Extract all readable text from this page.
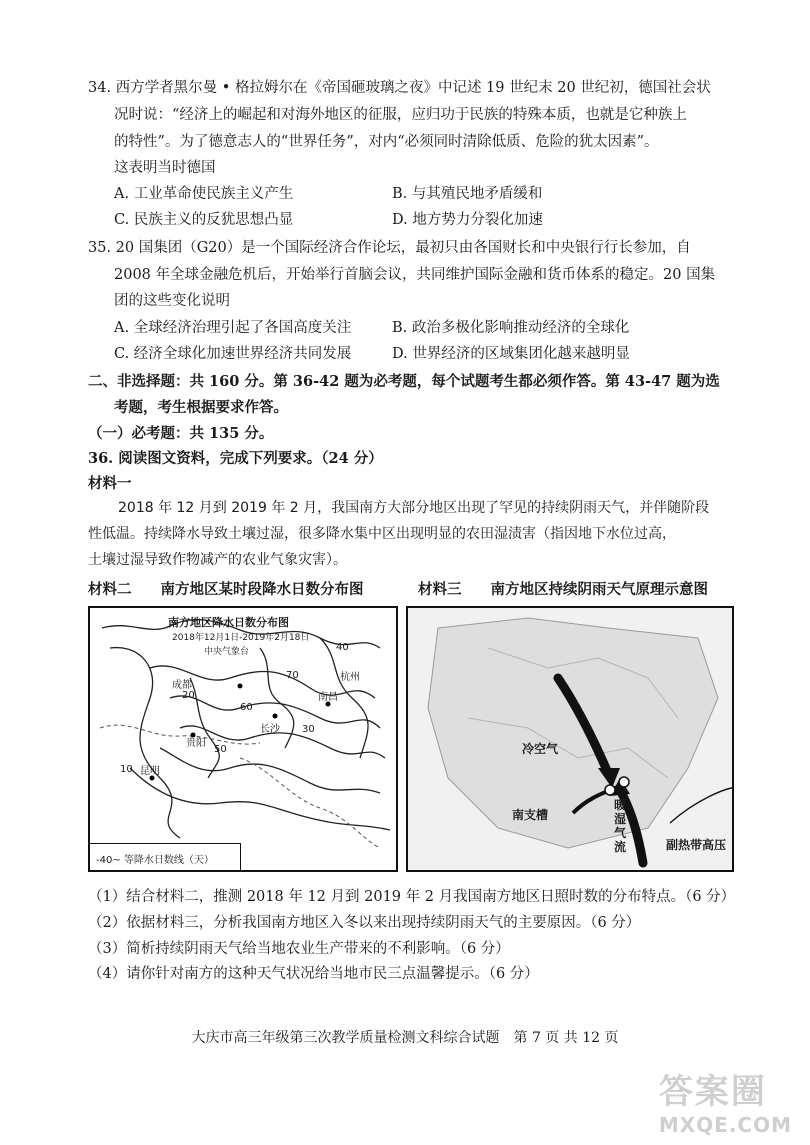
34. 西方学者黑尔曼 • 格拉姆尔在《帝国砸玻璃之夜》中记述 19 世纪末 20 世纪初，德国社会状
况时说：“经济上的崛起和对海外地区的征服，应归功于民族的特殊本质，也就是它种族上
的特性”。为了德意志人的“世界任务”，对内“必须同时清除低质、危险的犹太因素”。
这表明当时德国
A. 工业革命使民族主义产生	B. 与其殖民地矛盾缓和
C. 民族主义的反犹思想凸显	D. 地方势力分裂化加速
35. 20 国集团（G20）是一个国际经济合作论坛，最初只由各国财长和中央银行行长参加，自
2008 年全球金融危机后，开始举行首脑会议，共同维护国际金融和货币体系的稳定。20 国集
团的这些变化说明
A. 全球经济治理引起了各国高度关注	B. 政治多极化影响推动经济的全球化
C. 经济全球化加速世界经济共同发展	D. 世界经济的区域集团化越来越明显
二、非选择题：共 160 分。第 36-42 题为必考题，每个试题考生都必须作答。第 43-47 题为选
考题，考生根据要求作答。
（一）必考题：共 135 分。
36. 阅读图文资料，完成下列要求。（24 分）
材料一
2018 年 12 月到 2019 年 2 月，我国南方大部分地区出现了罕见的持续阴雨天气，并伴随阶段
性低温。持续降水导致土壤过湿，很多降水集中区出现明显的农田湿渍害（指因地下水位过高，
土壤过湿导致作物减产的农业气象灾害）。
材料二　　南方地区某时段降水日数分布图	材料三　　南方地区持续阴雨天气原理示意图
南方地区降水日数分布图
2018年12月1日-2019年2月18日
中央气象台
成都
贵阳
长沙
南昌
杭州
昆明
10
20
30
40
50
60
70
-40~ 等降水日数线（天）
冷空气
南支槽
暖湿气流	副热带高压
（1）结合材料二，推测 2018 年 12 月到 2019 年 2 月我国南方地区日照时数的分布特点。（6 分）
（2）依据材料三，分析我国南方地区入冬以来出现持续阴雨天气的主要原因。（6 分）
（3）简析持续阴雨天气给当地农业生产带来的不利影响。（6 分）
（4）请你针对南方的这种天气状况给当地市民三点温馨提示。（6 分）
大庆市高三年级第三次教学质量检测文科综合试题　第 7 页 共 12 页
答案圈
MXQE.COM
